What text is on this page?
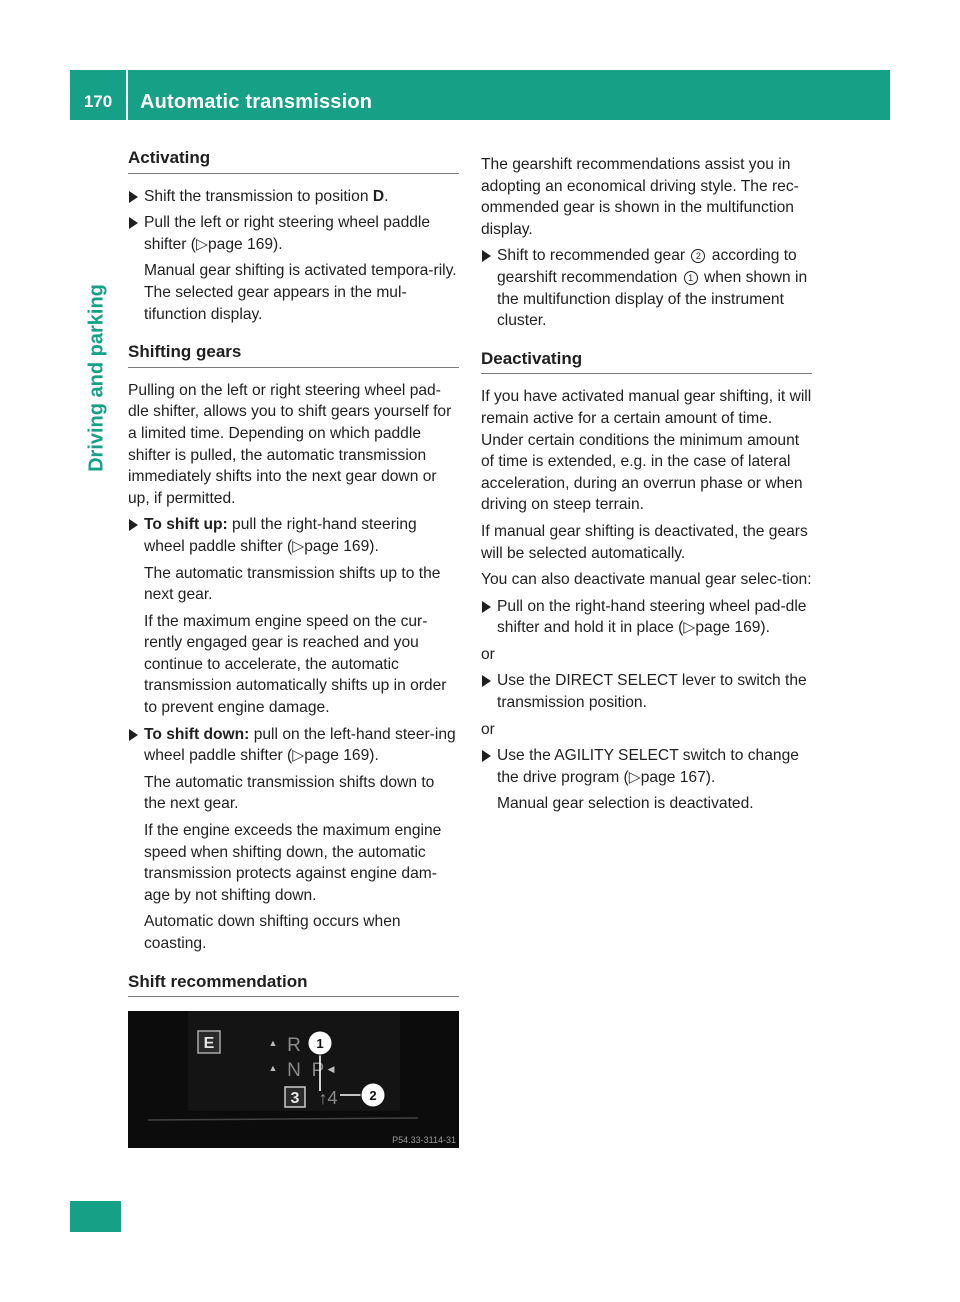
170	Automatic transmission
Driving and parking
Activating

Shift the transmission to position D.

Pull the left or right steering wheel paddle shifter (▷page 169).

Manual gear shifting is activated tempora-rily. The selected gear appears in the mul-tifunction display.

Shifting gears

Pulling on the left or right steering wheel pad-dle shifter, allows you to shift gears yourself for a limited time. Depending on which paddle shifter is pulled, the automatic transmission immediately shifts into the next gear down or up, if permitted.

To shift up: pull the right-hand steering wheel paddle shifter (▷page 169).

The automatic transmission shifts up to the next gear.

If the maximum engine speed on the cur-rently engaged gear is reached and you continue to accelerate, the automatic transmission automatically shifts up in order to prevent engine damage.

To shift down: pull on the left-hand steer-ing wheel paddle shifter (▷page 169).

The automatic transmission shifts down to the next gear.

If the engine exceeds the maximum engine speed when shifting down, the automatic transmission protects against engine dam-age by not shifting down.

Automatic down shifting occurs when coasting.

Shift recommendation
E	▲ R
▲ N P ◀
3 ↑4
1
2
P54.33-3114-31

The gearshift recommendations assist you in adopting an economical driving style. The rec-ommended gear is shown in the multifunction display.

Shift to recommended gear 2 according to gearshift recommendation 1 when shown in the multifunction display of the instrument cluster.

Deactivating

If you have activated manual gear shifting, it will remain active for a certain amount of time. Under certain conditions the minimum amount of time is extended, e.g. in the case of lateral acceleration, during an overrun phase or when driving on steep terrain.

If manual gear shifting is deactivated, the gears will be selected automatically.

You can also deactivate manual gear selec-tion:

Pull on the right-hand steering wheel pad-dle shifter and hold it in place (▷page 169).

or

Use the DIRECT SELECT lever to switch the transmission position.

or

Use the AGILITY SELECT switch to change the drive program (▷page 167).

Manual gear selection is deactivated.
